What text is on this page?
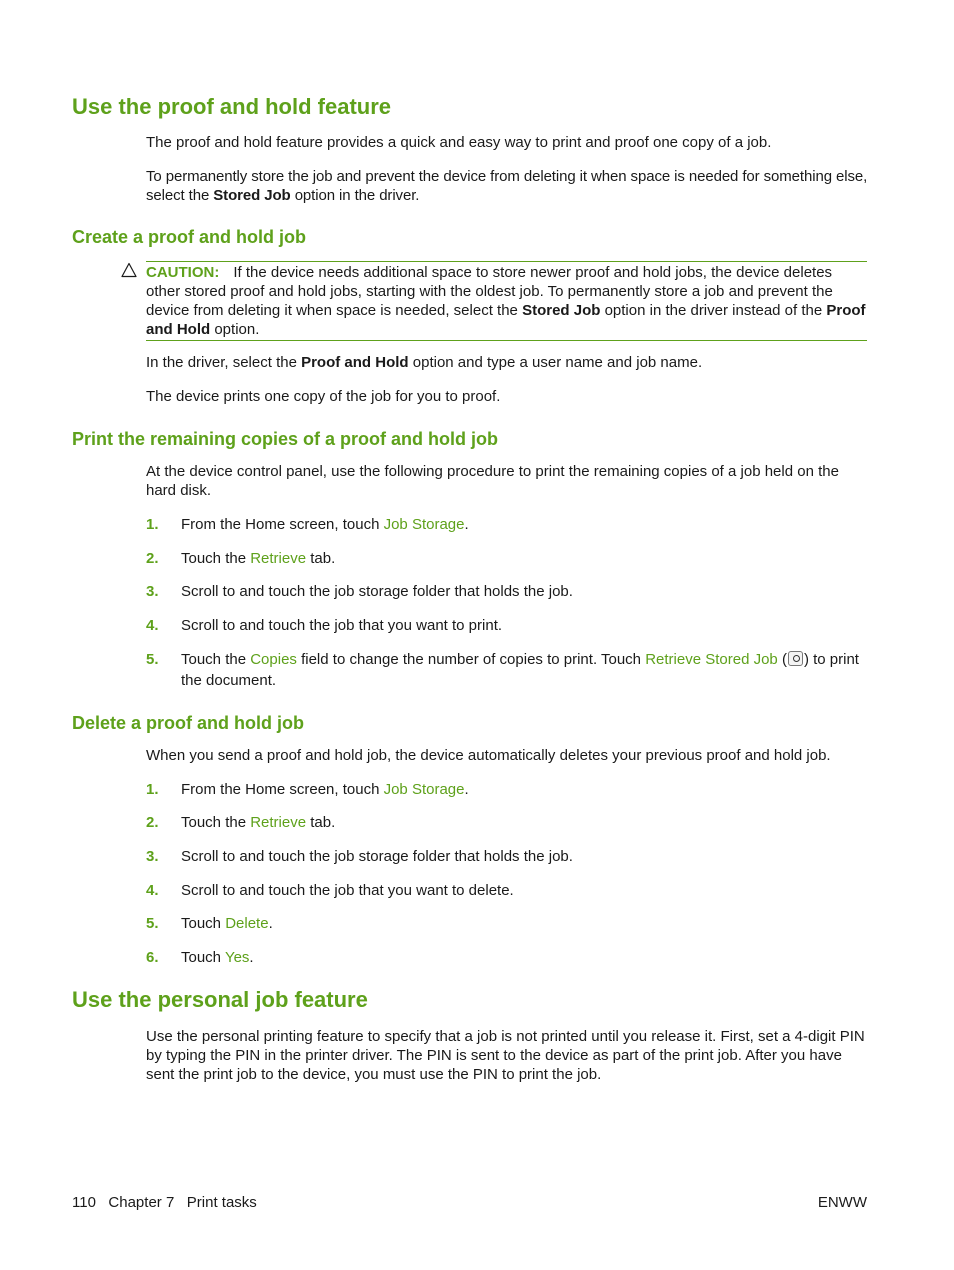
Use the proof and hold feature

The proof and hold feature provides a quick and easy way to print and proof one copy of a job.

To permanently store the job and prevent the device from deleting it when space is needed for something else, select the Stored Job option in the driver.

Create a proof and hold job
CAUTION: If the device needs additional space to store newer proof and hold jobs, the device deletes other stored proof and hold jobs, starting with the oldest job. To permanently store a job and prevent the device from deleting it when space is needed, select the Stored Job option in the driver instead of the Proof and Hold option.

In the driver, select the Proof and Hold option and type a user name and job name.

The device prints one copy of the job for you to proof.

Print the remaining copies of a proof and hold job

At the device control panel, use the following procedure to print the remaining copies of a job held on the hard disk.

1. From the Home screen, touch Job Storage.
2. Touch the Retrieve tab.
3. Scroll to and touch the job storage folder that holds the job.
4. Scroll to and touch the job that you want to print.
5. Touch the Copies field to change the number of copies to print. Touch Retrieve Stored Job ( ) to print the document.
Delete a proof and hold job

When you send a proof and hold job, the device automatically deletes your previous proof and hold job.

1. From the Home screen, touch Job Storage.
2. Touch the Retrieve tab.
3. Scroll to and touch the job storage folder that holds the job.
4. Scroll to and touch the job that you want to delete.
5. Touch Delete.
6. Touch Yes.
Use the personal job feature

Use the personal printing feature to specify that a job is not printed until you release it. First, set a 4-digit PIN by typing the PIN in the printer driver. The PIN is sent to the device as part of the print job. After you have sent the print job to the device, you must use the PIN to print the job.

110   Chapter 7   Print tasks	ENWW
